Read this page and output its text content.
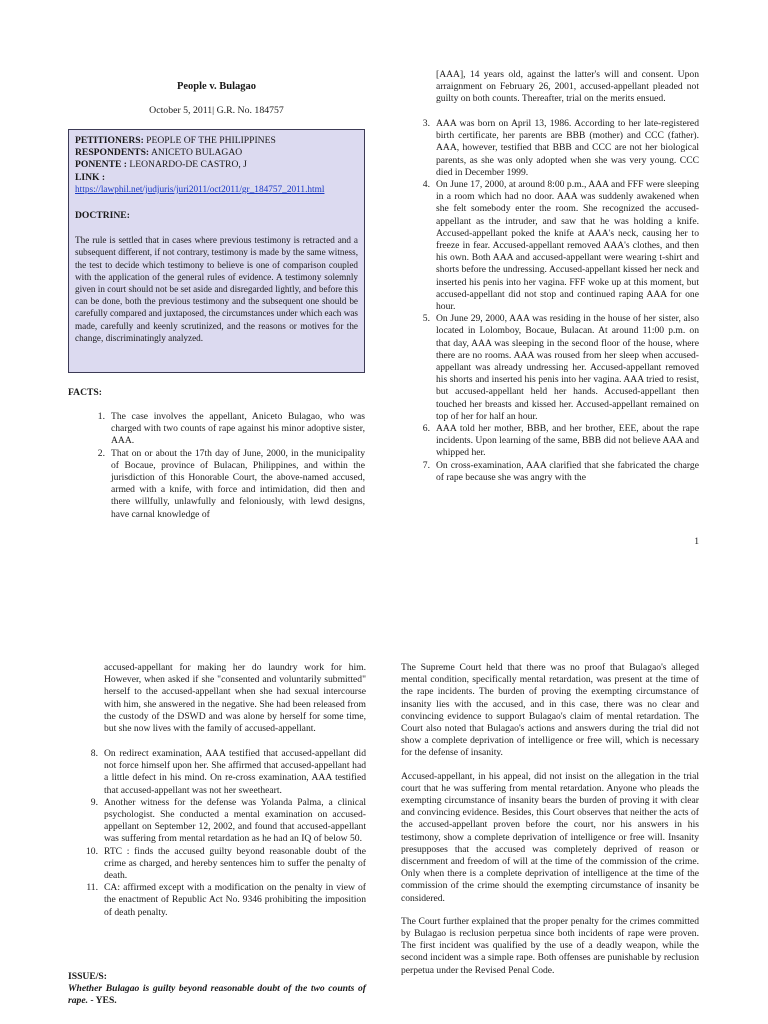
People v. Bulagao
October 5, 2011| G.R. No. 184757

PETITIONERS: PEOPLE OF THE PHILIPPINES

RESPONDENTS: ANICETO BULAGAO

PONENTE : LEONARDO-DE CASTRO, J

LINK :

https://lawphil.net/judjuris/juri2011/oct2011/gr_184757_2011.html

DOCTRINE:

The rule is settled that in cases where previous testimony is retracted and a subsequent different, if not contrary, testimony is made by the same witness, the test to decide which testimony to believe is one of comparison coupled with the application of the general rules of evidence. A testimony solemnly given in court should not be set aside and disregarded lightly, and before this can be done, both the previous testimony and the subsequent one should be carefully compared and juxtaposed, the circumstances under which each was made, carefully and keenly scrutinized, and the reasons or motives for the change, discriminatingly analyzed.

FACTS:
1. The case involves the appellant, Aniceto Bulagao, who was charged with two counts of rape against his minor adoptive sister, AAA.
2. That on or about the 17th day of June, 2000, in the municipality of Bocaue, province of Bulacan, Philippines, and within the jurisdiction of this Honorable Court, the above-named accused, armed with a knife, with force and intimidation, did then and there willfully, unlawfully and feloniously, with lewd designs, have carnal knowledge of
[AAA], 14 years old, against the latter's will and consent. Upon arraignment on February 26, 2001, accused-appellant pleaded not guilty on both counts. Thereafter, trial on the merits ensued.
3. AAA was born on April 13, 1986. According to her late-registered birth certificate, her parents are BBB (mother) and CCC (father). AAA, however, testified that BBB and CCC are not her biological parents, as she was only adopted when she was very young. CCC died in December 1999.
4. On June 17, 2000, at around 8:00 p.m., AAA and FFF were sleeping in a room which had no door. AAA was suddenly awakened when she felt somebody enter the room. She recognized the accused-appellant as the intruder, and saw that he was holding a knife. Accused-appellant poked the knife at AAA's neck, causing her to freeze in fear. Accused-appellant removed AAA's clothes, and then his own. Both AAA and accused-appellant were wearing t-shirt and shorts before the undressing. Accused-appellant kissed her neck and inserted his penis into her vagina. FFF woke up at this moment, but accused-appellant did not stop and continued raping AAA for one hour.
5. On June 29, 2000, AAA was residing in the house of her sister, also located in Lolomboy, Bocaue, Bulacan. At around 11:00 p.m. on that day, AAA was sleeping in the second floor of the house, where there are no rooms. AAA was roused from her sleep when accused-appellant was already undressing her. Accused-appellant removed his shorts and inserted his penis into her vagina. AAA tried to resist, but accused-appellant held her hands. Accused-appellant then touched her breasts and kissed her. Accused-appellant remained on top of her for half an hour.
6. AAA told her mother, BBB, and her brother, EEE, about the rape incidents. Upon learning of the same, BBB did not believe AAA and whipped her.
7. On cross-examination, AAA clarified that she fabricated the charge of rape because she was angry with the
1
accused-appellant for making her do laundry work for him. However, when asked if she "consented and voluntarily submitted" herself to the accused-appellant when she had sexual intercourse with him, she answered in the negative. She had been released from the custody of the DSWD and was alone by herself for some time, but she now lives with the family of accused-appellant.
8. On redirect examination, AAA testified that accused-appellant did not force himself upon her. She affirmed that accused-appellant had a little defect in his mind. On re-cross examination, AAA testified that accused-appellant was not her sweetheart.
9. Another witness for the defense was Yolanda Palma, a clinical psychologist. She conducted a mental examination on accused-appellant on September 12, 2002, and found that accused-appellant was suffering from mental retardation as he had an IQ of below 50.
10. RTC : finds the accused guilty beyond reasonable doubt of the crime as charged, and hereby sentences him to suffer the penalty of death.
11. CA: affirmed except with a modification on the penalty in view of the enactment of Republic Act No. 9346 prohibiting the imposition of death penalty.
ISSUE/S:
Whether Bulagao is guilty beyond reasonable doubt of the two counts of rape. - YES.

The Supreme Court held that there was no proof that Bulagao's alleged mental condition, specifically mental retardation, was present at the time of the rape incidents. The burden of proving the exempting circumstance of insanity lies with the accused, and in this case, there was no clear and convincing evidence to support Bulagao's claim of mental retardation. The Court also noted that Bulagao's actions and answers during the trial did not show a complete deprivation of intelligence or free will, which is necessary for the defense of insanity.

Accused-appellant, in his appeal, did not insist on the allegation in the trial court that he was suffering from mental retardation. Anyone who pleads the exempting circumstance of insanity bears the burden of proving it with clear and convincing evidence. Besides, this Court observes that neither the acts of the accused-appellant proven before the court, nor his answers in his testimony, show a complete deprivation of intelligence or free will. Insanity presupposes that the accused was completely deprived of reason or discernment and freedom of will at the time of the commission of the crime. Only when there is a complete deprivation of intelligence at the time of the commission of the crime should the exempting circumstance of insanity be considered.

The Court further explained that the proper penalty for the crimes committed by Bulagao is reclusion perpetua since both incidents of rape were proven. The first incident was qualified by the use of a deadly weapon, while the second incident was a simple rape. Both offenses are punishable by reclusion perpetua under the Revised Penal Code.
